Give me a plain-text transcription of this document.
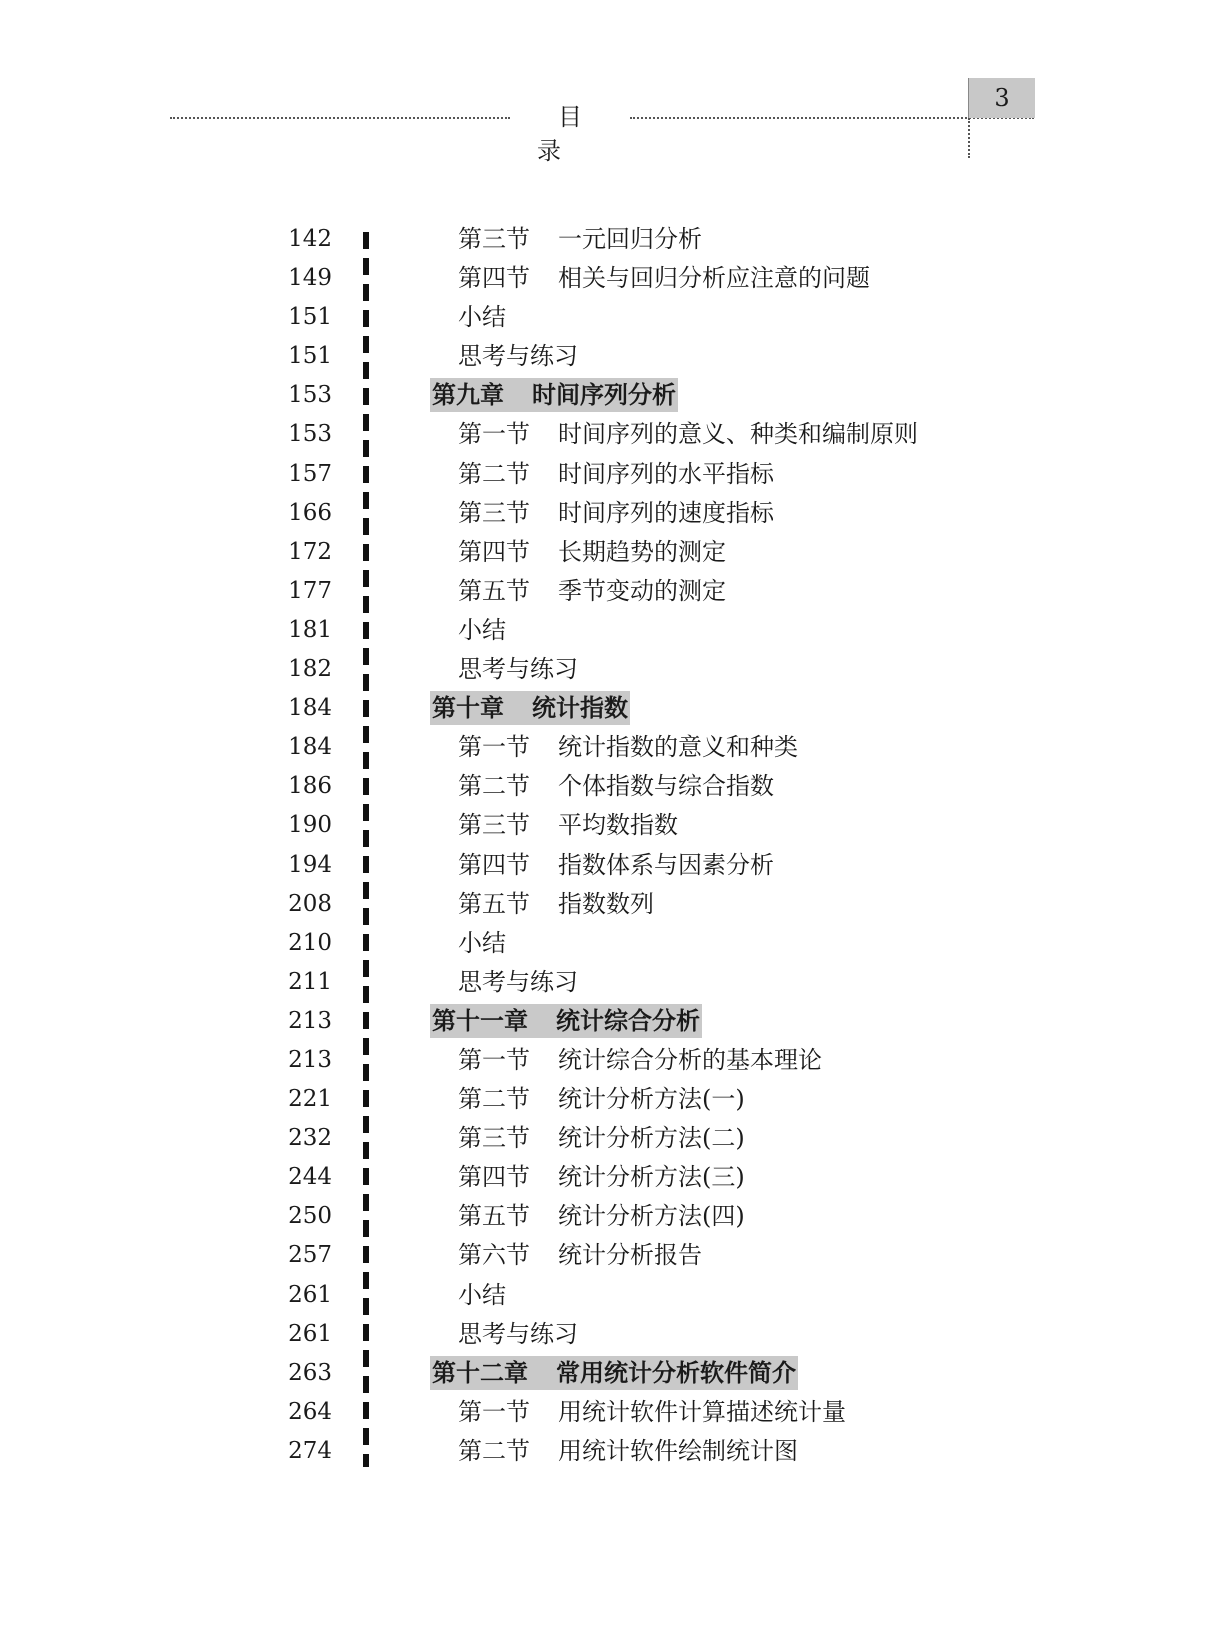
目 录
3
142	第三节 一元回归分析
149	第四节 相关与回归分析应注意的问题
151	小结
151	思考与练习
153	第九章 时间序列分析
153	第一节 时间序列的意义、种类和编制原则
157	第二节 时间序列的水平指标
166	第三节 时间序列的速度指标
172	第四节 长期趋势的测定
177	第五节 季节变动的测定
181	小结
182	思考与练习
184	第十章 统计指数
184	第一节 统计指数的意义和种类
186	第二节 个体指数与综合指数
190	第三节 平均数指数
194	第四节 指数体系与因素分析
208	第五节 指数数列
210	小结
211	思考与练习
213	第十一章 统计综合分析
213	第一节 统计综合分析的基本理论
221	第二节 统计分析方法(一)
232	第三节 统计分析方法(二)
244	第四节 统计分析方法(三)
250	第五节 统计分析方法(四)
257	第六节 统计分析报告
261	小结
261	思考与练习
263	第十二章 常用统计分析软件简介
264	第一节 用统计软件计算描述统计量
274	第二节 用统计软件绘制统计图
